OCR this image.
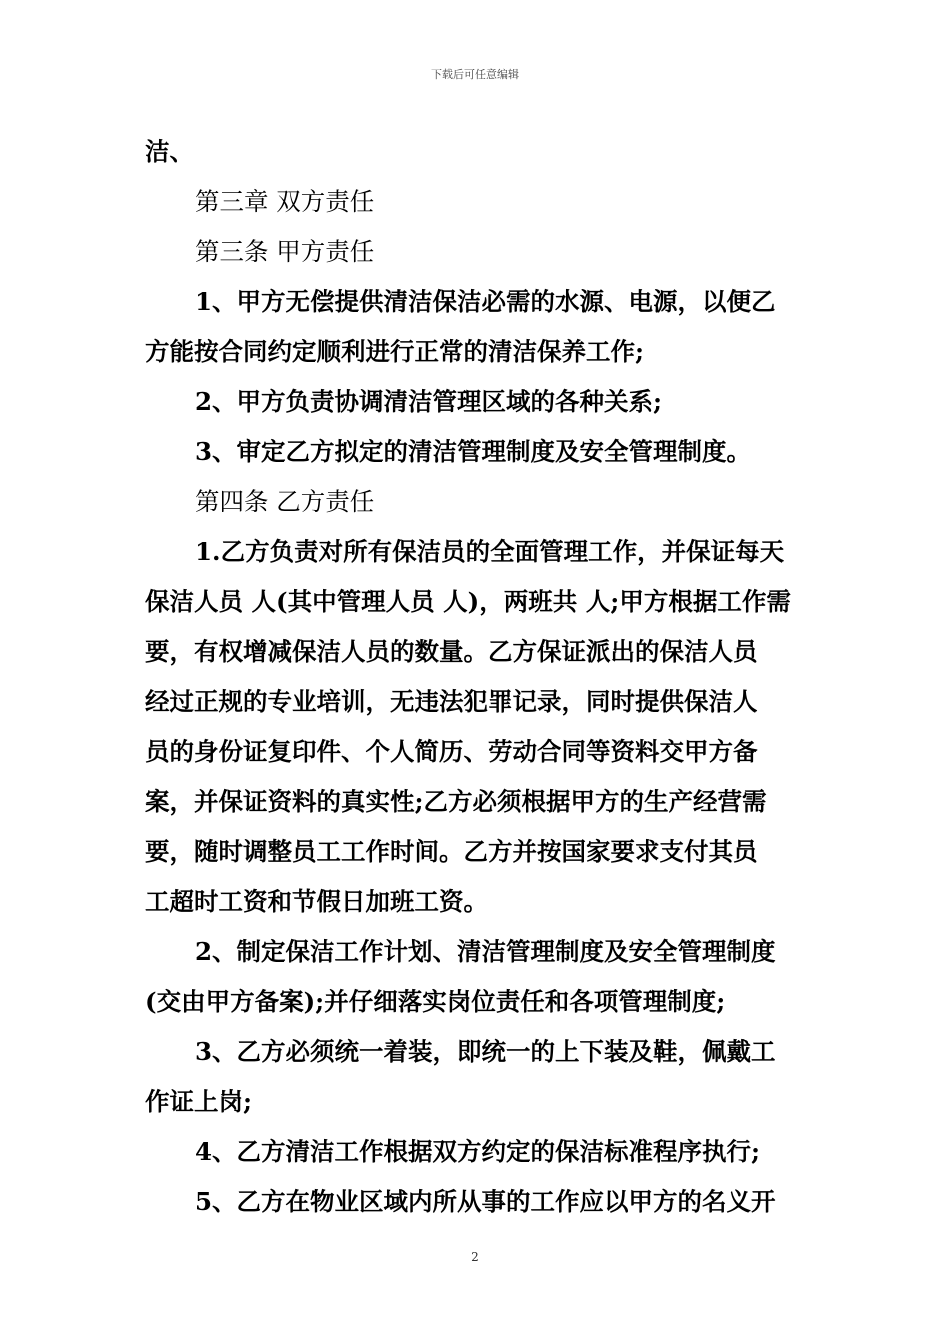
下载后可任意编辑
洁、
第三章 双方责任
第三条 甲方责任
1、甲方无偿提供清洁保洁必需的水源、电源，以便乙
方能按合同约定顺利进行正常的清洁保养工作;
2、甲方负责协调清洁管理区域的各种关系;
3、审定乙方拟定的清洁管理制度及安全管理制度。
第四条 乙方责任
1.乙方负责对所有保洁员的全面管理工作，并保证每天
保洁人员 人(其中管理人员 人)，两班共 人;甲方根据工作需
要，有权增减保洁人员的数量。乙方保证派出的保洁人员
经过正规的专业培训，无违法犯罪记录，同时提供保洁人
员的身份证复印件、个人简历、劳动合同等资料交甲方备
案，并保证资料的真实性;乙方必须根据甲方的生产经营需
要，随时调整员工工作时间。乙方并按国家要求支付其员
工超时工资和节假日加班工资。
2、制定保洁工作计划、清洁管理制度及安全管理制度
(交由甲方备案);并仔细落实岗位责任和各项管理制度;
3、乙方必须统一着装，即统一的上下装及鞋，佩戴工
作证上岗;
4、乙方清洁工作根据双方约定的保洁标准程序执行;
5、乙方在物业区域内所从事的工作应以甲方的名义开
2
